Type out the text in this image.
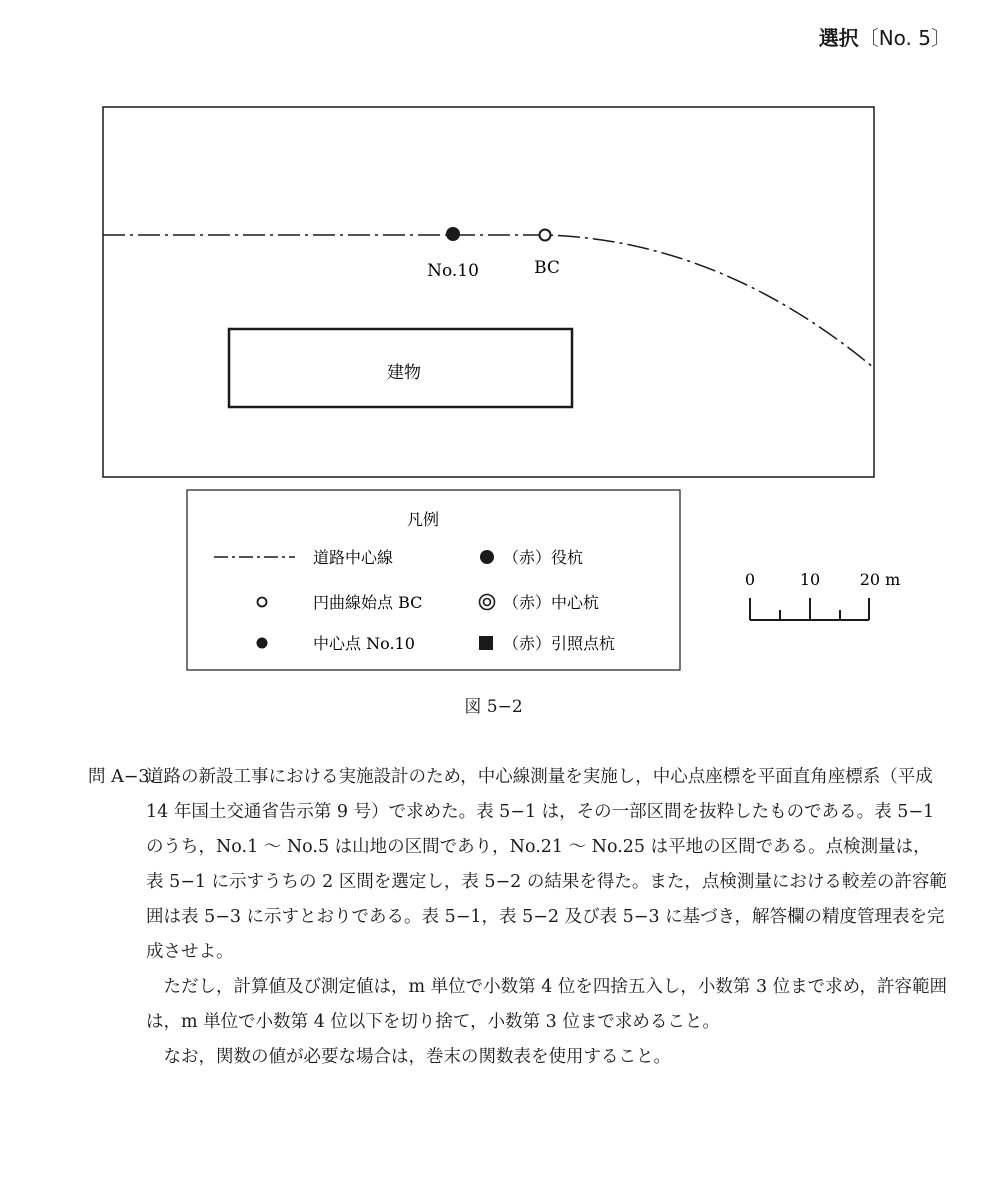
選択〔No. 5〕
No.10	BC
建物
凡例
道路中心線	（赤）役杭
円曲線始点 BC	（赤）中心杭
中心点 No.10	（赤）引照点杭
0	10 20 m
図 5−2
問 A−3.
道路の新設工事における実施設計のため，中心線測量を実施し，中心点座標を平面直角座標系（平成 14 年国土交通省告示第 9 号）で求めた。表 5−1 は，その一部区間を抜粋したものである。表 5−1 のうち，No.1 〜 No.5 は山地の区間であり，No.21 〜 No.25 は平地の区間である。点検測量は，表 5−1 に示すうちの 2 区間を選定し，表 5−2 の結果を得た。また，点検測量における較差の許容範囲は表 5−3 に示すとおりである。表 5−1，表 5−2 及び表 5−3 に基づき，解答欄の精度管理表を完成させよ。
ただし，計算値及び測定値は，m 単位で小数第 4 位を四捨五入し，小数第 3 位まで求め，許容範囲は，m 単位で小数第 4 位以下を切り捨て，小数第 3 位まで求めること。
なお，関数の値が必要な場合は，巻末の関数表を使用すること。
